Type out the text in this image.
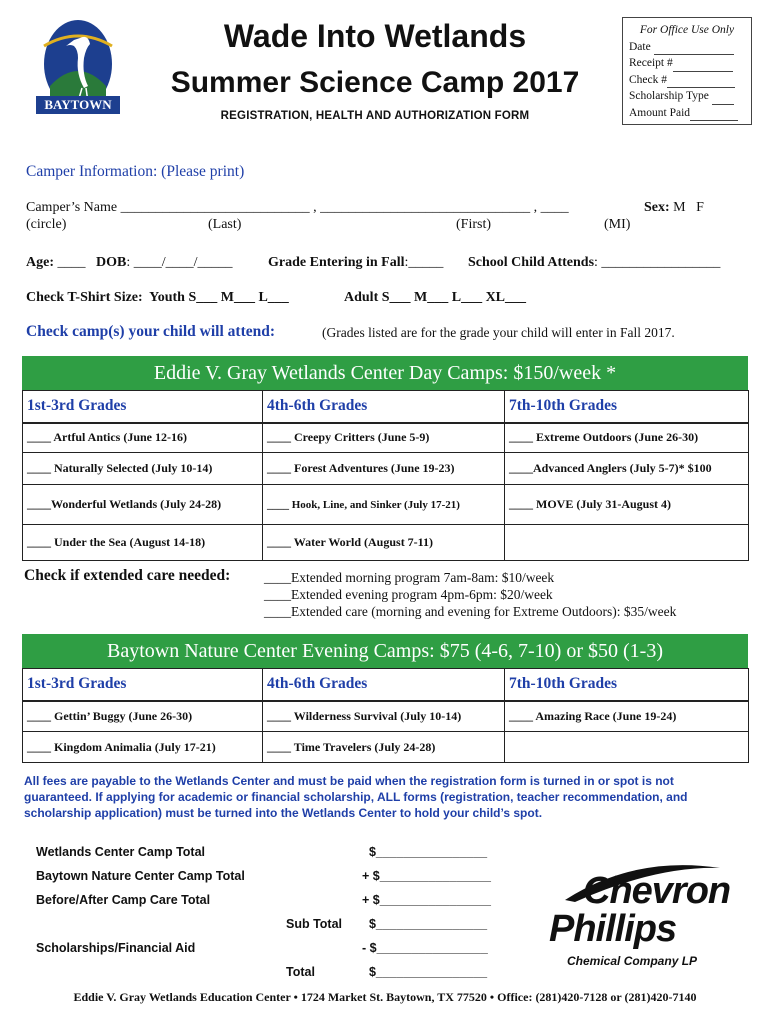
BAYTOWN
Wade Into Wetlands
Summer Science Camp 2017
REGISTRATION, HEALTH AND AUTHORIZATION FORM
For Office Use Only
Date
Receipt #
Check #
Scholarship Type
Amount Paid
Camper Information: (Please print)
Camper’s Name ___________________________ , ______________________________ , ____	Sex: M   F
(circle)	(Last)	(First)	(MI)
Age: ____ DOB: ____/____/_____	Grade Entering in Fall:_____ School Child Attends: _________________
Check T-Shirt Size:  Youth S___ M___ L___	Adult S___ M___ L___ XL___
Check camp(s) your child will attend:	(Grades listed are for the grade your child will enter in Fall 2017.
Eddie V. Gray Wetlands Center Day Camps: $150/week *
1st-3rd Grades	4th-6th Grades	7th-10th Grades
____ Artful Antics (June 12-16)	____ Creepy Critters (June 5-9)	____ Extreme Outdoors (June 26-30)
____ Naturally Selected (July 10-14)	____ Forest Adventures (June 19-23)	____Advanced Anglers (July 5-7)* $100
____Wonderful Wetlands (July 24-28)	____ Hook, Line, and Sinker (July 17-21)	____ MOVE (July 31-August 4)
____ Under the Sea (August 14-18)	____ Water World (August 7-11)	
Check if extended care needed: ____Extended morning program 7am-8am: $10/week
____Extended evening program 4pm-6pm: $20/week
____Extended care (morning and evening for Extreme Outdoors): $35/week
Baytown Nature Center Evening Camps: $75 (4-6, 7-10) or $50 (1-3)
1st-3rd Grades	4th-6th Grades	7th-10th Grades
____ Gettin’ Buggy (June 26-30)	____ Wilderness Survival (July 10-14)	____ Amazing Race (June 19-24)
____ Kingdom Animalia (July 17-21)	____ Time Travelers (July 24-28)	
All fees are payable to the Wetlands Center and must be paid when the registration form is turned in or spot is not guaranteed. If applying for academic or financial scholarship, ALL forms (registration, teacher recommendation, and scholarship application) must be turned into the Wetlands Center to hold your child’s spot.
Wetlands Center Camp Total	$________________
Baytown Nature Center Camp Total	+ $________________
Before/After Camp Care Total	+ $________________
Sub Total $________________
Scholarships/Financial Aid	- $________________
Total	$________________
Chevron
Phillips
Chemical Company LP
Eddie V. Gray Wetlands Education Center • 1724 Market St. Baytown, TX 77520 • Office: (281)420-7128 or (281)420-7140
